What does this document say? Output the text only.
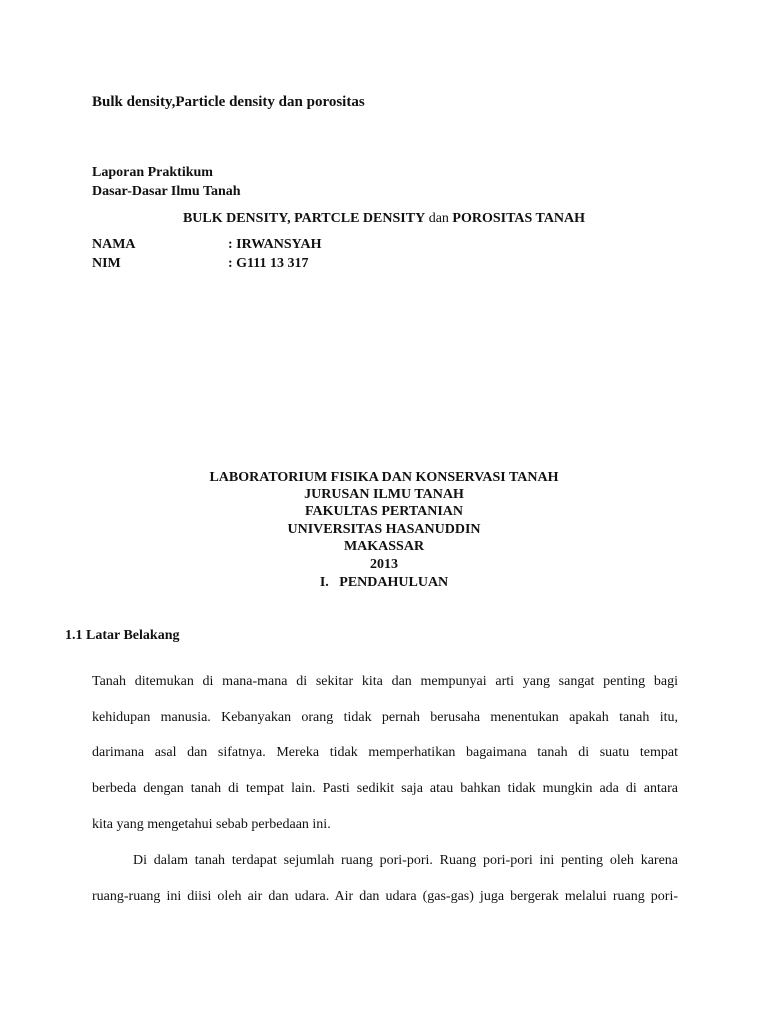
Bulk density,Particle density dan porositas
Laporan Praktikum
Dasar-Dasar Ilmu Tanah
BULK DENSITY, PARTCLE DENSITY dan POROSITAS TANAH
NAMA	: IRWANSYAH
NIM	: G111 13 317
LABORATORIUM FISIKA DAN KONSERVASI TANAH
JURUSAN ILMU TANAH
FAKULTAS PERTANIAN
UNIVERSITAS HASANUDDIN
MAKASSAR
2013
I.   PENDAHULUAN
1.1 Latar Belakang
Tanah ditemukan di mana-mana di sekitar kita dan mempunyai arti yang sangat penting bagi
kehidupan manusia. Kebanyakan orang tidak pernah berusaha menentukan apakah tanah itu,
darimana asal dan sifatnya. Mereka tidak memperhatikan bagaimana tanah di suatu tempat
berbeda dengan tanah di tempat lain. Pasti sedikit saja atau bahkan tidak mungkin ada di antara
kita yang mengetahui sebab perbedaan ini.
Di dalam tanah terdapat sejumlah ruang pori-pori. Ruang pori-pori ini penting oleh karena
ruang-ruang ini diisi oleh air dan udara. Air dan udara (gas-gas) juga bergerak melalui ruang pori-
